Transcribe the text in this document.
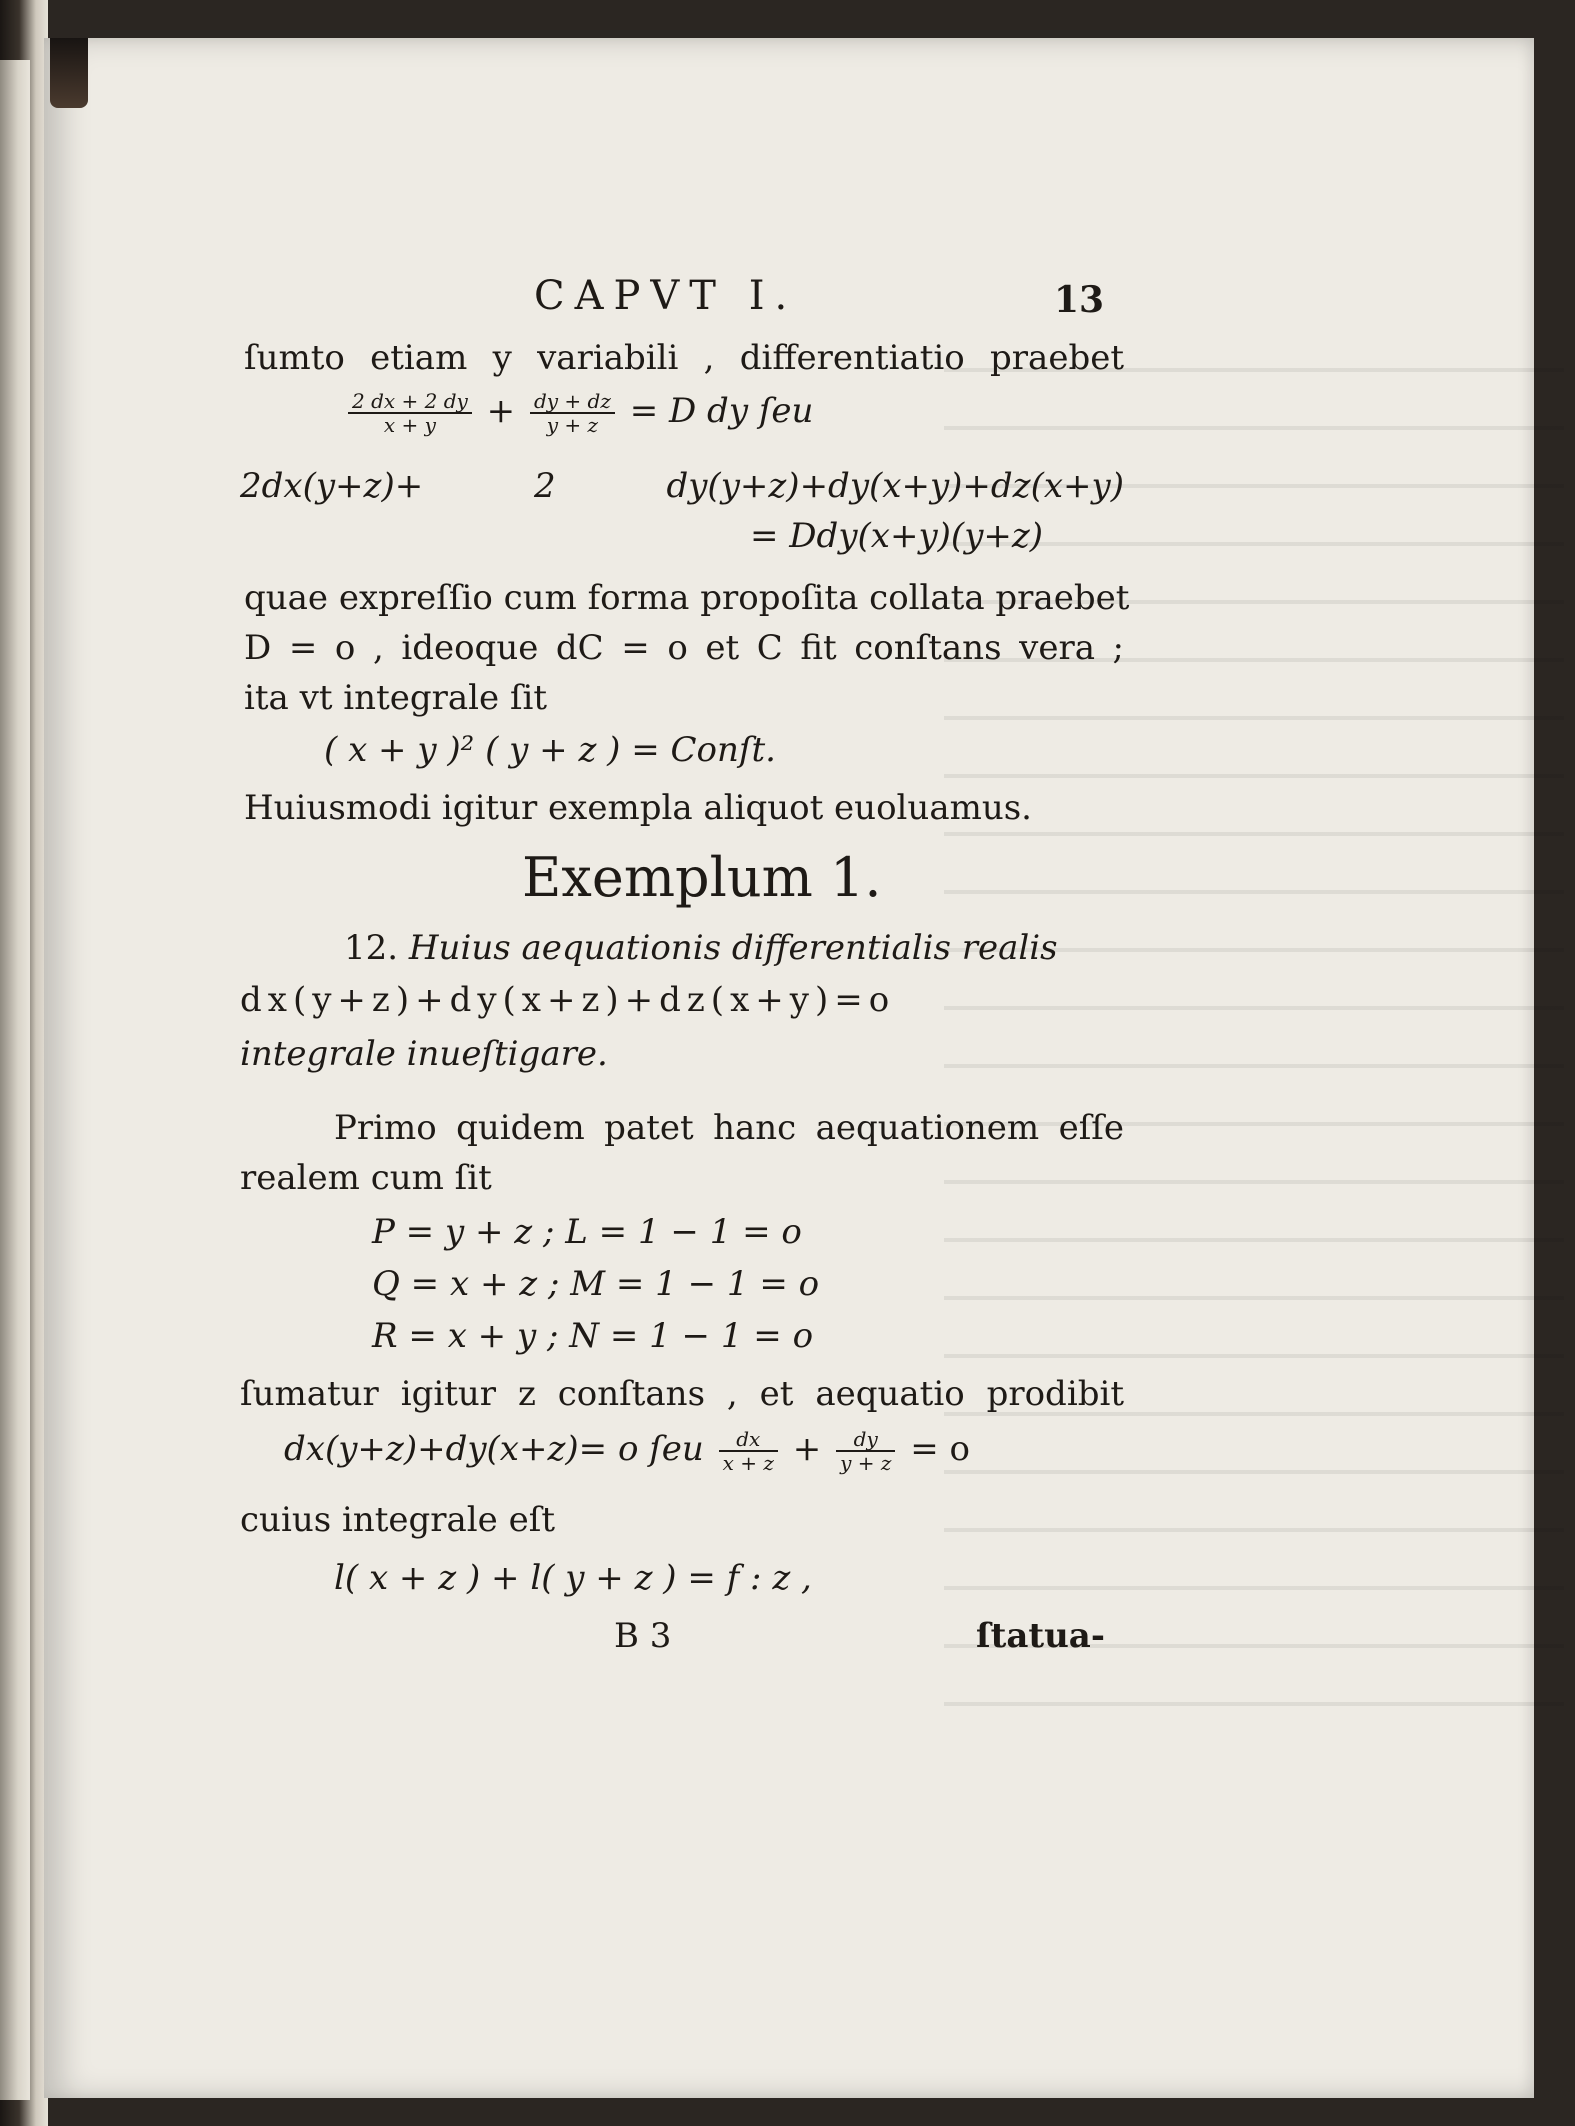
CAPVT I.	13
ſumto etiam y variabili , differentiatio praebet
$\frac{2 dx + 2 dy}{x + y} + \frac{dy + dz}{y + z} = D$ dy ſeu
2dx(y+z)+ 2 dy(y+z)+dy(x+y)+dz(x+y)
= Ddy(x+y)(y+z)
quae expreſſio cum forma propoſita collata praebet
D = o , ideoque dC = o et C fit conſtans vera ;
ita vt integrale ſit
( x + y )² ( y + z ) = Conſt.
Huiusmodi igitur exempla aliquot euoluamus.
Exemplum 1.
12. Huius aequationis differentialis realis
dx(y+z)+dy(x+z)+dz(x+y)=o
integrale inueſtigare.
Primo quidem patet hanc aequationem eſſe
realem cum ſit
P = y + z ; L = 1 − 1 = o
Q = x + z ; M = 1 − 1 = o
R = x + y ; N = 1 − 1 = o
ſumatur igitur z conſtans , et aequatio prodibit
dx(y+z)+dy(x+z)= o ſeu $\frac{dx}{x + z} + \frac{dy}{y + z} = o$
cuius integrale eſt
l( x + z ) + l( y + z ) = f : z ,
B 3	ſtatua-
